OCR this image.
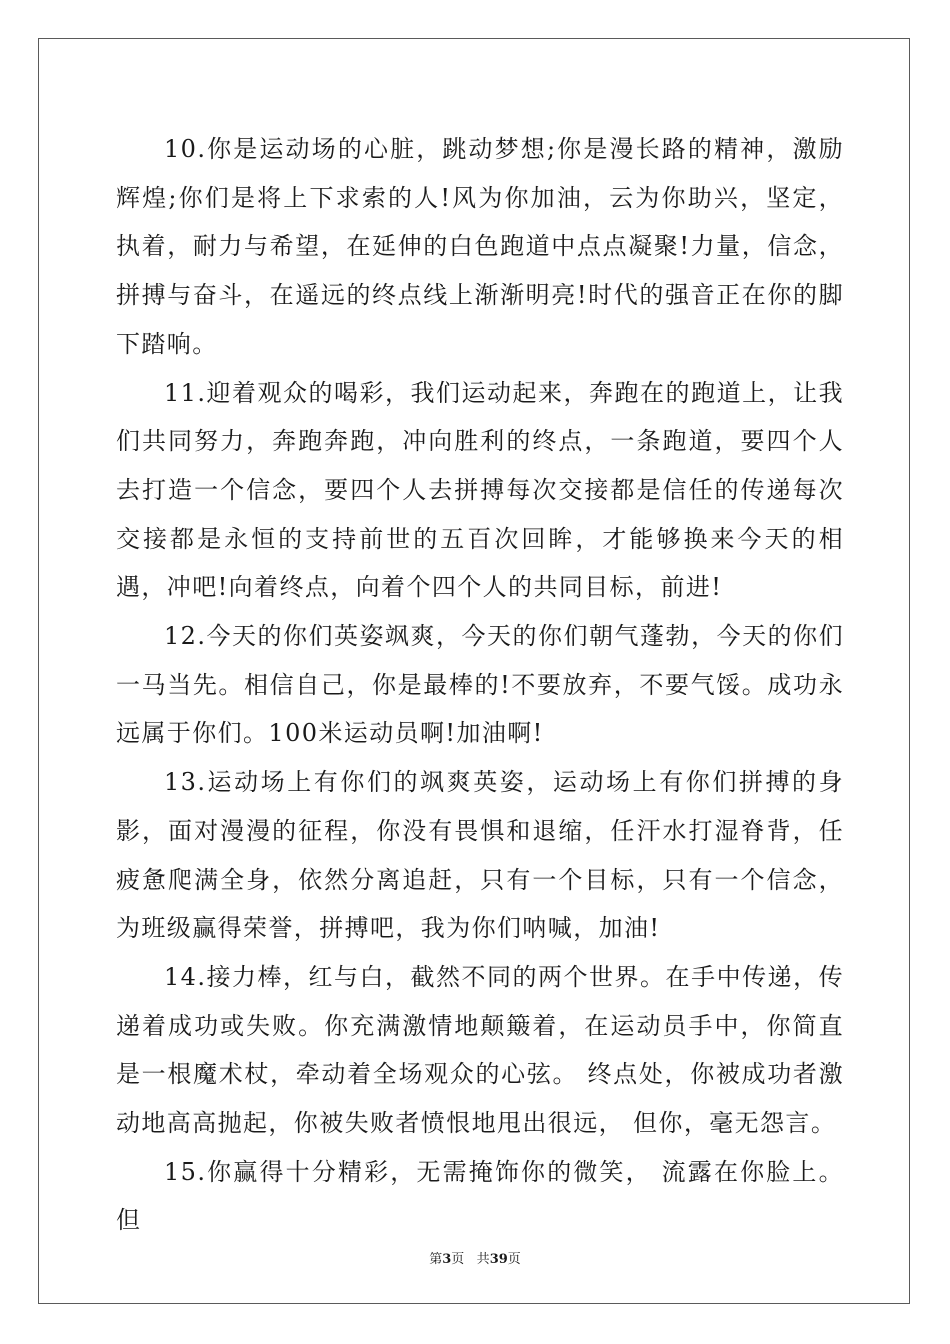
10.你是运动场的心脏，跳动梦想;你是漫长路的精神，激励辉煌;你们是将上下求索的人!风为你加油，云为你助兴，坚定，执着，耐力与希望，在延伸的白色跑道中点点凝聚!力量，信念，拼搏与奋斗，在遥远的终点线上渐渐明亮!时代的强音正在你的脚下踏响。

11.迎着观众的喝彩，我们运动起来，奔跑在的跑道上，让我们共同努力，奔跑奔跑，冲向胜利的终点，一条跑道，要四个人去打造一个信念，要四个人去拼搏每次交接都是信任的传递每次交接都是永恒的支持前世的五百次回眸，才能够换来今天的相遇，冲吧!向着终点，向着个四个人的共同目标，前进!

12.今天的你们英姿飒爽，今天的你们朝气蓬勃，今天的你们一马当先。相信自己，你是最棒的!不要放弃，不要气馁。成功永远属于你们。100米运动员啊!加油啊!

13.运动场上有你们的飒爽英姿，运动场上有你们拼搏的身影，面对漫漫的征程，你没有畏惧和退缩，任汗水打湿脊背，任疲惫爬满全身，依然分离追赶，只有一个目标，只有一个信念，为班级赢得荣誉，拼搏吧，我为你们呐喊，加油!

14.接力棒，红与白，截然不同的两个世界。在手中传递，传递着成功或失败。你充满激情地颠簸着，在运动员手中，你简直是一根魔术杖，牵动着全场观众的心弦。 终点处，你被成功者激动地高高抛起，你被失败者愤恨地甩出很远， 但你，毫无怨言。

15.你赢得十分精彩，无需掩饰你的微笑， 流露在你脸上。 但

第3页 共39页
